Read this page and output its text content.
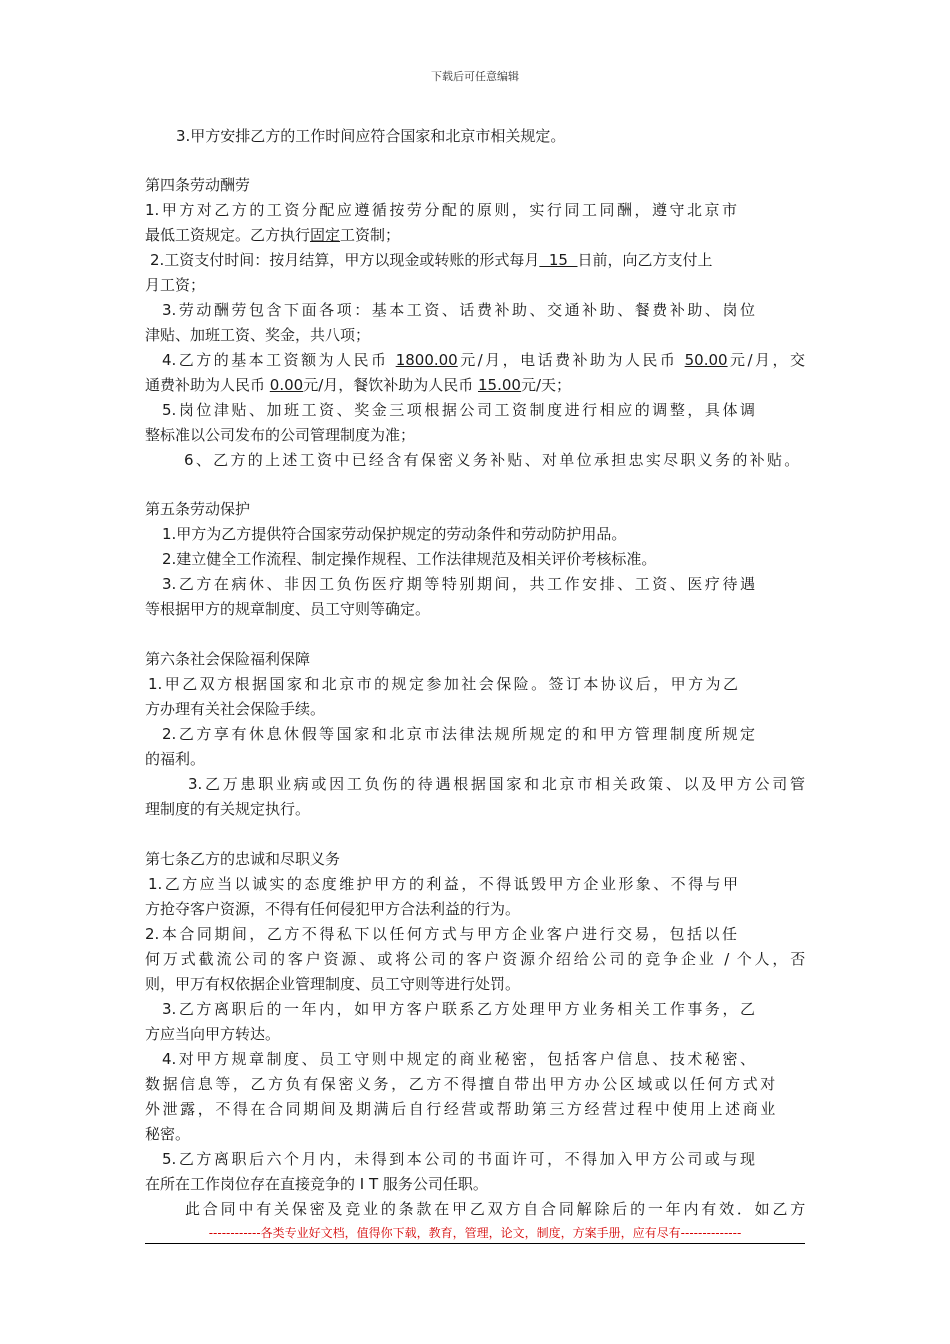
下载后可任意编辑
3.甲方安排乙方的工作时间应符合国家和北京市相关规定。
第四条劳动酬劳
1.甲方对乙方的工资分配应遵循按劳分配的原则，实行同工同酬，遵守北京市
最低工资规定。乙方执行固定工资制；
2.工资支付时间：按月结算，甲方以现金或转账的形式每月  15  日前，向乙方支付上
月工资；
3.劳动酬劳包含下面各项：基本工资、话费补助、交通补助、餐费补助、岗位
津贴、加班工资、奖金，共八项；
4.乙方的基本工资额为人民币 1800.00元/月，电话费补助为人民币 50.00元/月，交
通费补助为人民币 0.00元/月，餐饮补助为人民币 15.00元/天；
5.岗位津贴、加班工资、奖金三项根据公司工资制度进行相应的调整，具体调
整标准以公司发布的公司管理制度为准；
6、乙方的上述工资中已经含有保密义务补贴、对单位承担忠实尽职义务的补贴。
第五条劳动保护
1.甲方为乙方提供符合国家劳动保护规定的劳动条件和劳动防护用品。
2.建立健全工作流程、制定操作规程、工作法律规范及相关评价考核标准。
3.乙方在病休、非因工负伤医疗期等特别期间，共工作安排、工资、医疗待遇
等根据甲方的规章制度、员工守则等确定。
第六条社会保险福利保障
1.甲乙双方根据国家和北京市的规定参加社会保险。签订本协议后，甲方为乙
方办理有关社会保险手续。
2.乙方享有休息休假等国家和北京市法律法规所规定的和甲方管理制度所规定
的福利。
3.乙万患职业病或因工负伤的待遇根据国家和北京市相关政策、以及甲方公司管
理制度的有关规定执行。
第七条乙方的忠诚和尽职义务
1.乙方应当以诚实的态度维护甲方的利益，不得诋毁甲方企业形象、不得与甲
方抢夺客户资源，不得有任何侵犯甲方合法利益的行为。
2.本合同期间，乙方不得私下以任何方式与甲方企业客户进行交易，包括以任
何万式截流公司的客户资源、或将公司的客户资源介绍给公司的竞争企业 / 个人，否
则，甲万有权依据企业管理制度、员工守则等进行处罚。
3.乙方离职后的一年内，如甲方客户联系乙方处理甲方业务相关工作事务，乙
方应当向甲方转达。
4.对甲方规章制度、员工守则中规定的商业秘密，包括客户信息、技术秘密、
数据信息等，乙方负有保密义务，乙方不得擅自带出甲方办公区域或以任何方式对
外泄露，不得在合同期间及期满后自行经营或帮助第三方经营过程中使用上述商业
秘密。
5.乙方离职后六个月内，未得到本公司的书面许可，不得加入甲方公司或与现
在所在工作岗位存在直接竞争的 I T 服务公司任职。
此合同中有关保密及竞业的条款在甲乙双方自合同解除后的一年内有效．如乙方
------------各类专业好文档，值得你下载，教育，管理，论文，制度，方案手册，应有尽有--------------
